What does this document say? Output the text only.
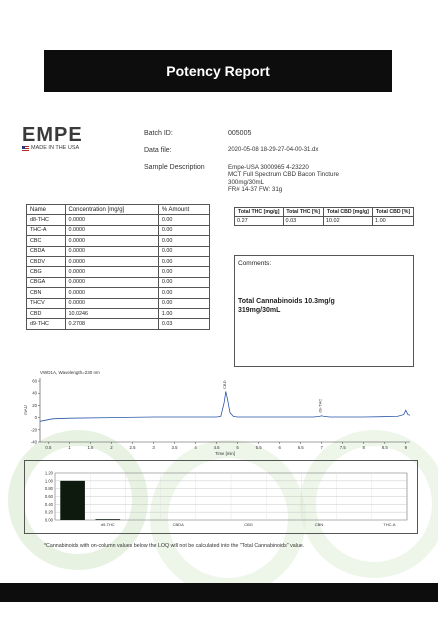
Potency Report
EMPE
MADE IN THE USA
Batch ID:	005005
Data file:	2020-05-08 18-29-27-04-00-31.dx
Sample Description	Empe-USA 3000965 4-23220
MCT Full Spectrum CBD Bacon Tincture
300mg/30mL
FR# 14-37 FW: 31g
Name	Concentration [mg/g]	% Amount
d8-THC	0.0000	0.00
THC-A	0.0000	0.00
CBC	0.0000	0.00
CBDA	0.0000	0.00
CBDV	0.0000	0.00
CBG	0.0000	0.00
CBGA	0.0000	0.00
CBN	0.0000	0.00
THCV	0.0000	0.00
CBD	10.0246	1.00
d9-THC	0.2708	0.03
Total THC [mg/g]	Total THC [%]	Total CBD [mg/g]	Total CBD [%]
0.27	0.03	10.02	1.00
Comments:
Total Cannabinoids 10.3mg/g
319mg/30mL
VWD1A, Wavelength=230 nm
60
40
20
0
-20
-40
mAU
0.5	1	1.5	2	2.5	3	3.5	4	4.5	5	5.5	6	6.5	7	7.5	8	8.5	9
Time [min]
CBD
d9-THC
1.20
1.00
0.80
0.60
0.40
0.20
0.00
d9-THC	CBDA	CBG	CBN	THC-A
*Cannabinoids with on-column values below the LOQ will not be calculated into the "Total Cannabinoids" value.
